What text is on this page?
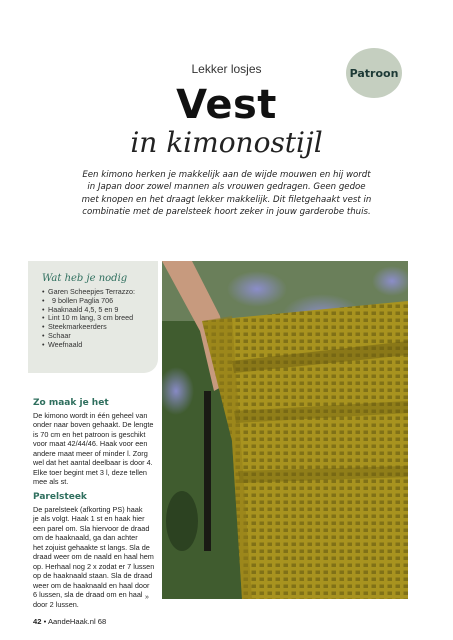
Lekker losjes	Patroon
Vest
in kimonostijl
Een kimono herken je makkelijk aan de wijde mouwen en hij wordt
in Japan door zowel mannen als vrouwen gedragen. Geen gedoe
met knopen en het draagt lekker makkelijk. Dit filetgehaakt vest in
combinatie met de parelsteek hoort zeker in jouw garderobe thuis.
Wat heb je nodig
• Garen Scheepjes Terrazzo:
• 9 bollen Paglia 706
• Haaknaald 4,5, 5 en 9
• Lint 10 m lang, 3 cm breed
• Steekmarkeerders
• Schaar
• Weefnaald
Zo maak je het

De kimono wordt in één geheel van
onder naar boven gehaakt. De lengte
is 70 cm en het patroon is geschikt
voor maat 42/44/46. Haak voor een
andere maat meer of minder l. Zorg
wel dat het aantal deelbaar is door 4.
Elke toer begint met 3 l, deze tellen
mee als st.

Parelsteek

De parelsteek (afkorting PS) haak
je als volgt. Haak 1 st en haak hier
een parel om. Sla hiervoor de draad
om de haaknaald, ga dan achter
het zojuist gehaakte st langs. Sla de
draad weer om de naald en haal hem
op. Herhaal nog 2 x zodat er 7 lussen
op de haaknaald staan. Sla de draad
weer om de haaknaald en haal door
6 lussen, sla de draad om en haal
door 2 lussen.

»
42 • AandeHaak.nl 68
